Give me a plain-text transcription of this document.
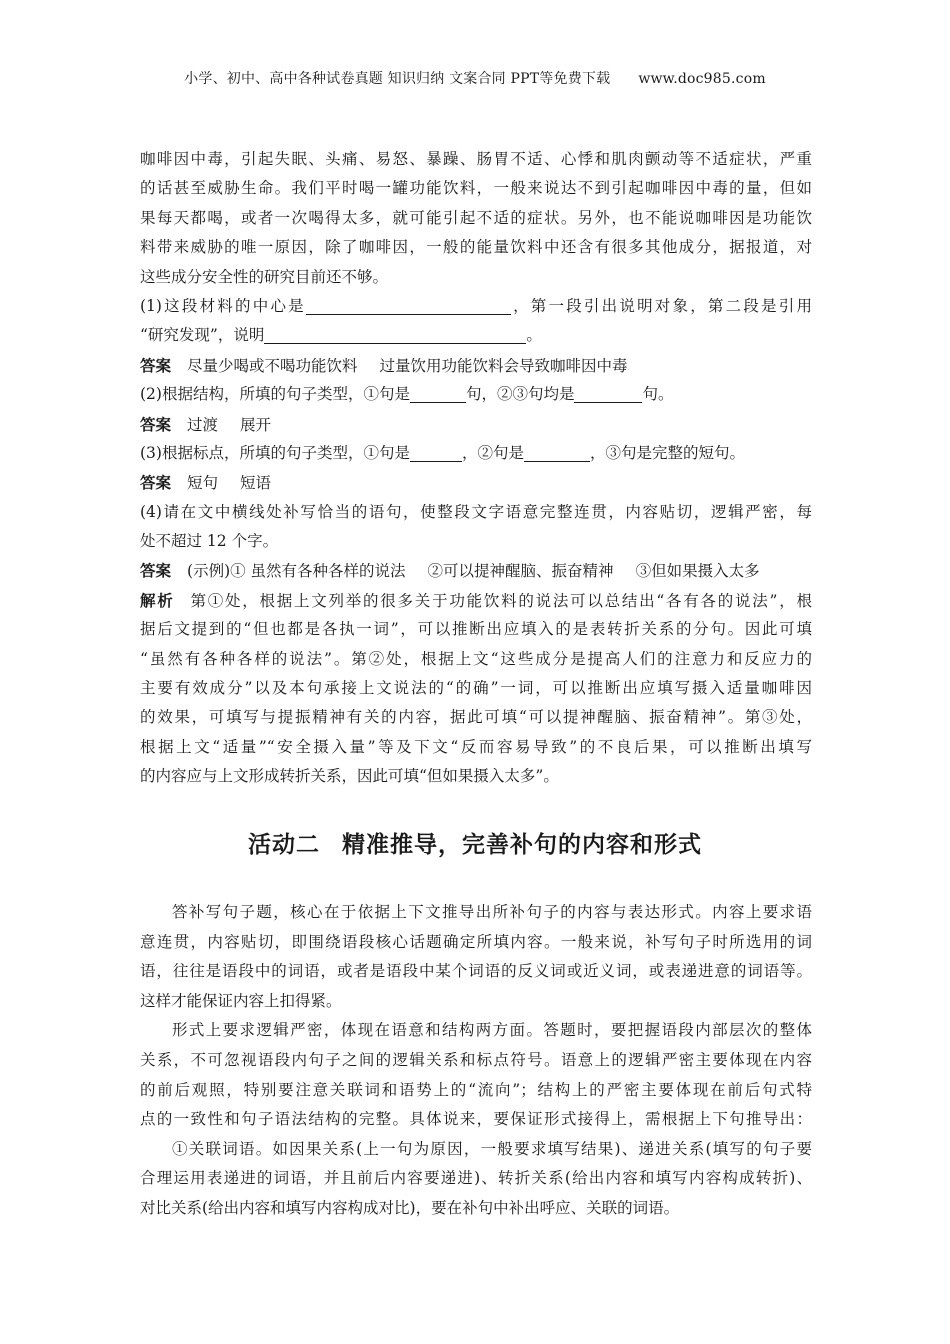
小学、初中、高中各种试卷真题 知识归纳 文案合同 PPT等免费下载 www.doc985.com
咖啡因中毒，引起失眠、头痛、易怒、暴躁、肠胃不适、心悸和肌肉颤动等不适症状，严重
的话甚至威胁生命。我们平时喝一罐功能饮料，一般来说达不到引起咖啡因中毒的量，但如
果每天都喝，或者一次喝得太多，就可能引起不适的症状。另外，也不能说咖啡因是功能饮
料带来威胁的唯一原因，除了咖啡因，一般的能量饮料中还含有很多其他成分，据报道，对
这些成分安全性的研究目前还不够。
(1)这段材料的中心是	，第一段引出说明对象，第二段是引用
“研究发现”，说明	。
答案 尽量少喝或不喝功能饮料 过量饮用功能饮料会导致咖啡因中毒
(2)根据结构，所填的句子类型，①句是	句，②③句均是	句。
答案 过渡 展开
(3)根据标点，所填的句子类型，①句是	，②句是	，③句是完整的短句。
答案 短句 短语
(4)请在文中横线处补写恰当的语句，使整段文字语意完整连贯，内容贴切，逻辑严密，每
处不超过 12 个字。
答案 (示例)① 虽然有各种各样的说法 ②可以提神醒脑、振奋精神 ③但如果摄入太多
解析 第①处，根据上文列举的很多关于功能饮料的说法可以总结出“各有各的说法”，根
据后文提到的“但也都是各执一词”，可以推断出应填入的是表转折关系的分句。因此可填
“虽然有各种各样的说法”。第②处，根据上文“这些成分是提高人们的注意力和反应力的
主要有效成分”以及本句承接上文说法的“的确”一词，可以推断出应填写摄入适量咖啡因
的效果，可填写与提振精神有关的内容，据此可填“可以提神醒脑、振奋精神”。第③处，
根据上文“适量”“安全摄入量”等及下文“反而容易导致”的不良后果，可以推断出填写
的内容应与上文形成转折关系，因此可填“但如果摄入太多”。
活动二 精准推导，完善补句的内容和形式
答补写句子题，核心在于依据上下文推导出所补句子的内容与表达形式。内容上要求语
意连贯，内容贴切，即围绕语段核心话题确定所填内容。一般来说，补写句子时所选用的词
语，往往是语段中的词语，或者是语段中某个词语的反义词或近义词，或表递进意的词语等。
这样才能保证内容上扣得紧。
形式上要求逻辑严密，体现在语意和结构两方面。答题时，要把握语段内部层次的整体
关系，不可忽视语段内句子之间的逻辑关系和标点符号。语意上的逻辑严密主要体现在内容
的前后观照，特别要注意关联词和语势上的“流向”；结构上的严密主要体现在前后句式特
点的一致性和句子语法结构的完整。具体说来，要保证形式接得上，需根据上下句推导出：
①关联词语。如因果关系(上一句为原因，一般要求填写结果)、递进关系(填写的句子要
合理运用表递进的词语，并且前后内容要递进)、转折关系(给出内容和填写内容构成转折)、
对比关系(给出内容和填写内容构成对比)，要在补句中补出呼应、关联的词语。
